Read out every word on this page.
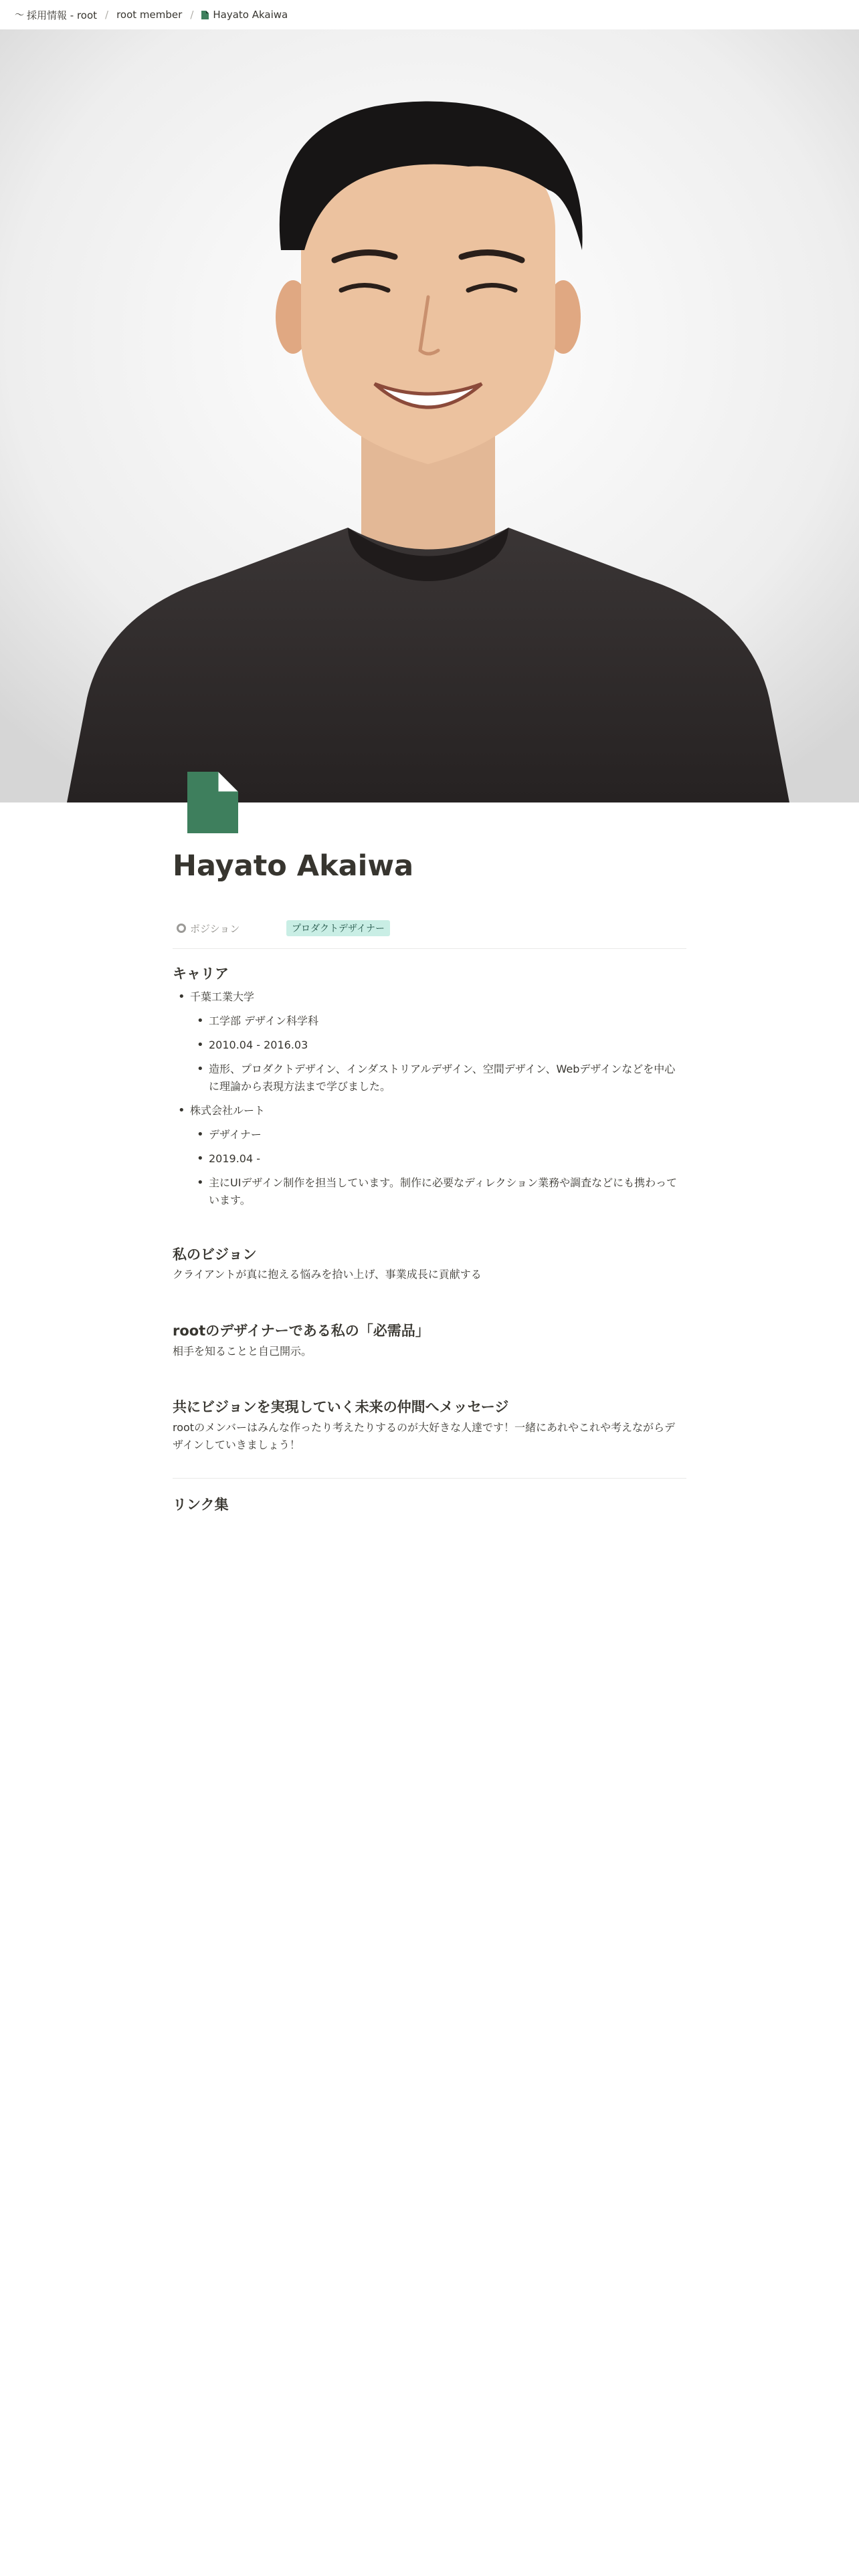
〜 採用情報 - root / root member / Hayato Akaiwa
Hayato Akaiwa
ポジション	プロダクトデザイナー
キャリア
• 千葉工業大学
• 工学部 デザイン科学科
• 2010.04 - 2016.03
• 造形、プロダクトデザイン、インダストリアルデザイン、空間デザイン、Webデザインなどを中心に理論から表現方法まで学びました。
• 株式会社ルート
• デザイナー
• 2019.04 -
• 主にUIデザイン制作を担当しています。制作に必要なディレクション業務や調査などにも携わっています。
私のビジョン

クライアントが真に抱える悩みを拾い上げ、事業成長に貢献する

rootのデザイナーである私の「必需品」

相手を知ることと自己開示。

共にビジョンを実現していく未来の仲間へメッセージ

rootのメンバーはみんな作ったり考えたりするのが大好きな人達です！一緒にあれやこれや考えながらデザインしていきましょう！

リンク集
